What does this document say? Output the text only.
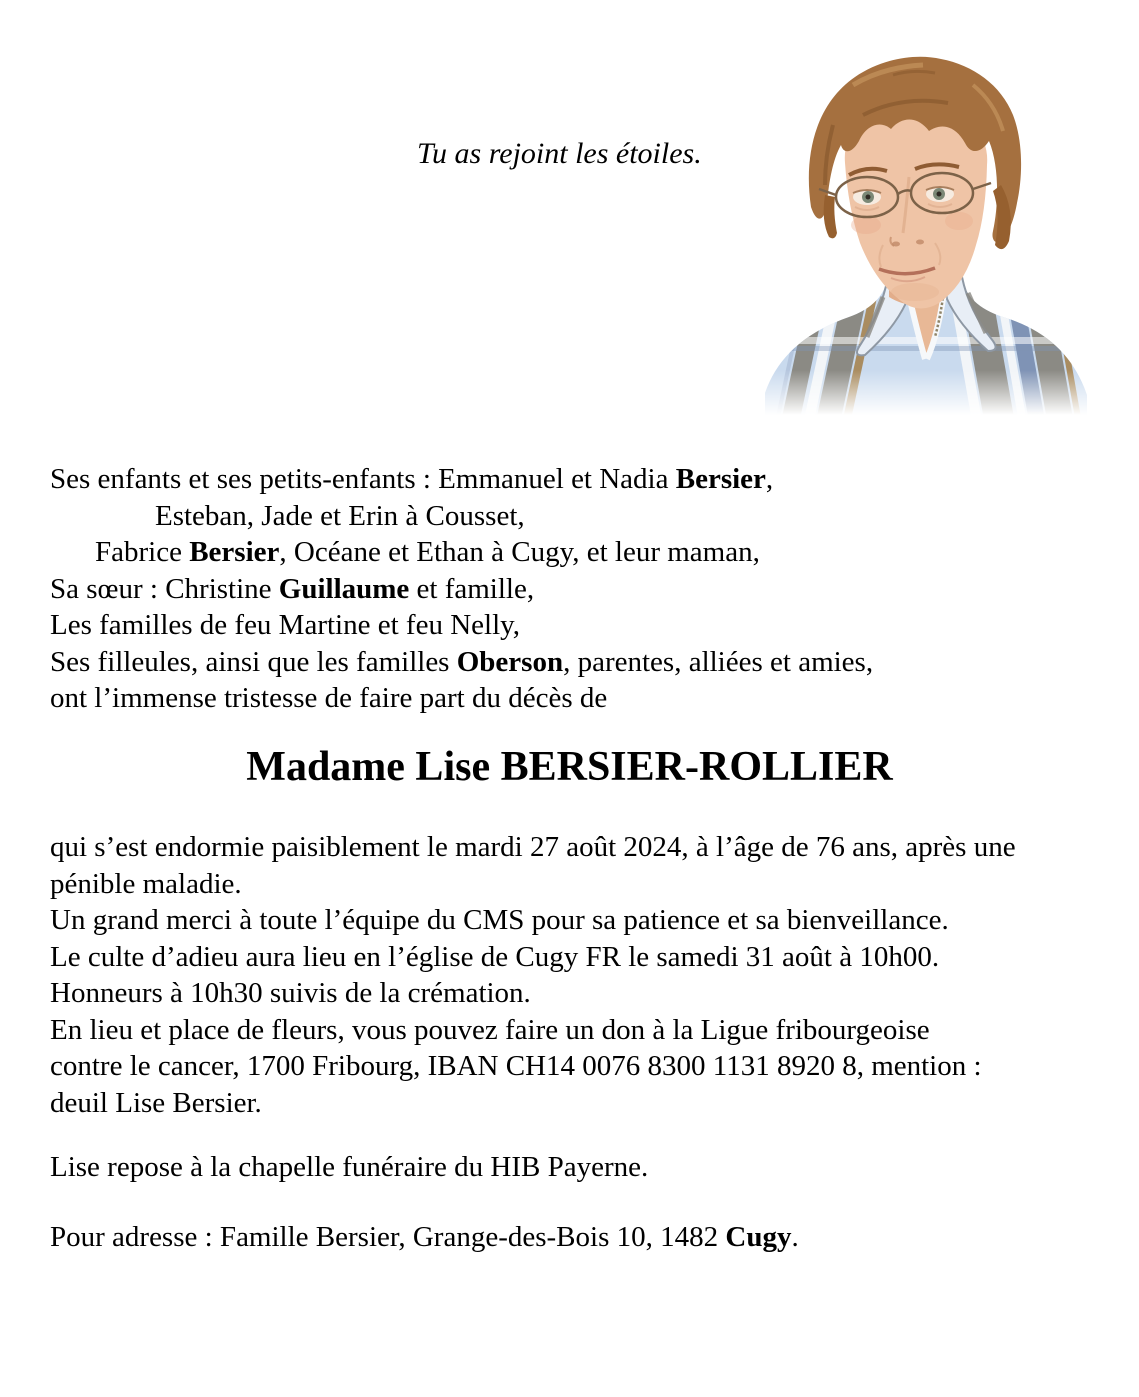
Tu as rejoint les étoiles.
Ses enfants et ses petits-enfants : Emmanuel et Nadia Bersier,
Esteban, Jade et Erin à Cousset,
Fabrice Bersier, Océane et Ethan à Cugy, et leur maman,
Sa sœur : Christine Guillaume et famille,
Les familles de feu Martine et feu Nelly,
Ses filleules, ainsi que les familles Oberson, parentes, alliées et amies,
ont l’immense tristesse de faire part du décès de
Madame Lise BERSIER-ROLLIER
qui s’est endormie paisiblement le mardi 27 août 2024, à l’âge de 76 ans, après une
pénible maladie.
Un grand merci à toute l’équipe du CMS pour sa patience et sa bienveillance.
Le culte d’adieu aura lieu en l’église de Cugy FR le samedi 31 août à 10h00.
Honneurs à 10h30 suivis de la crémation.
En lieu et place de fleurs, vous pouvez faire un don à la Ligue fribourgeoise
contre le cancer, 1700 Fribourg, IBAN CH14 0076 8300 1131 8920 8, mention :
deuil Lise Bersier.
Lise repose à la chapelle funéraire du HIB Payerne.
Pour adresse : Famille Bersier, Grange-des-Bois 10, 1482 Cugy.
